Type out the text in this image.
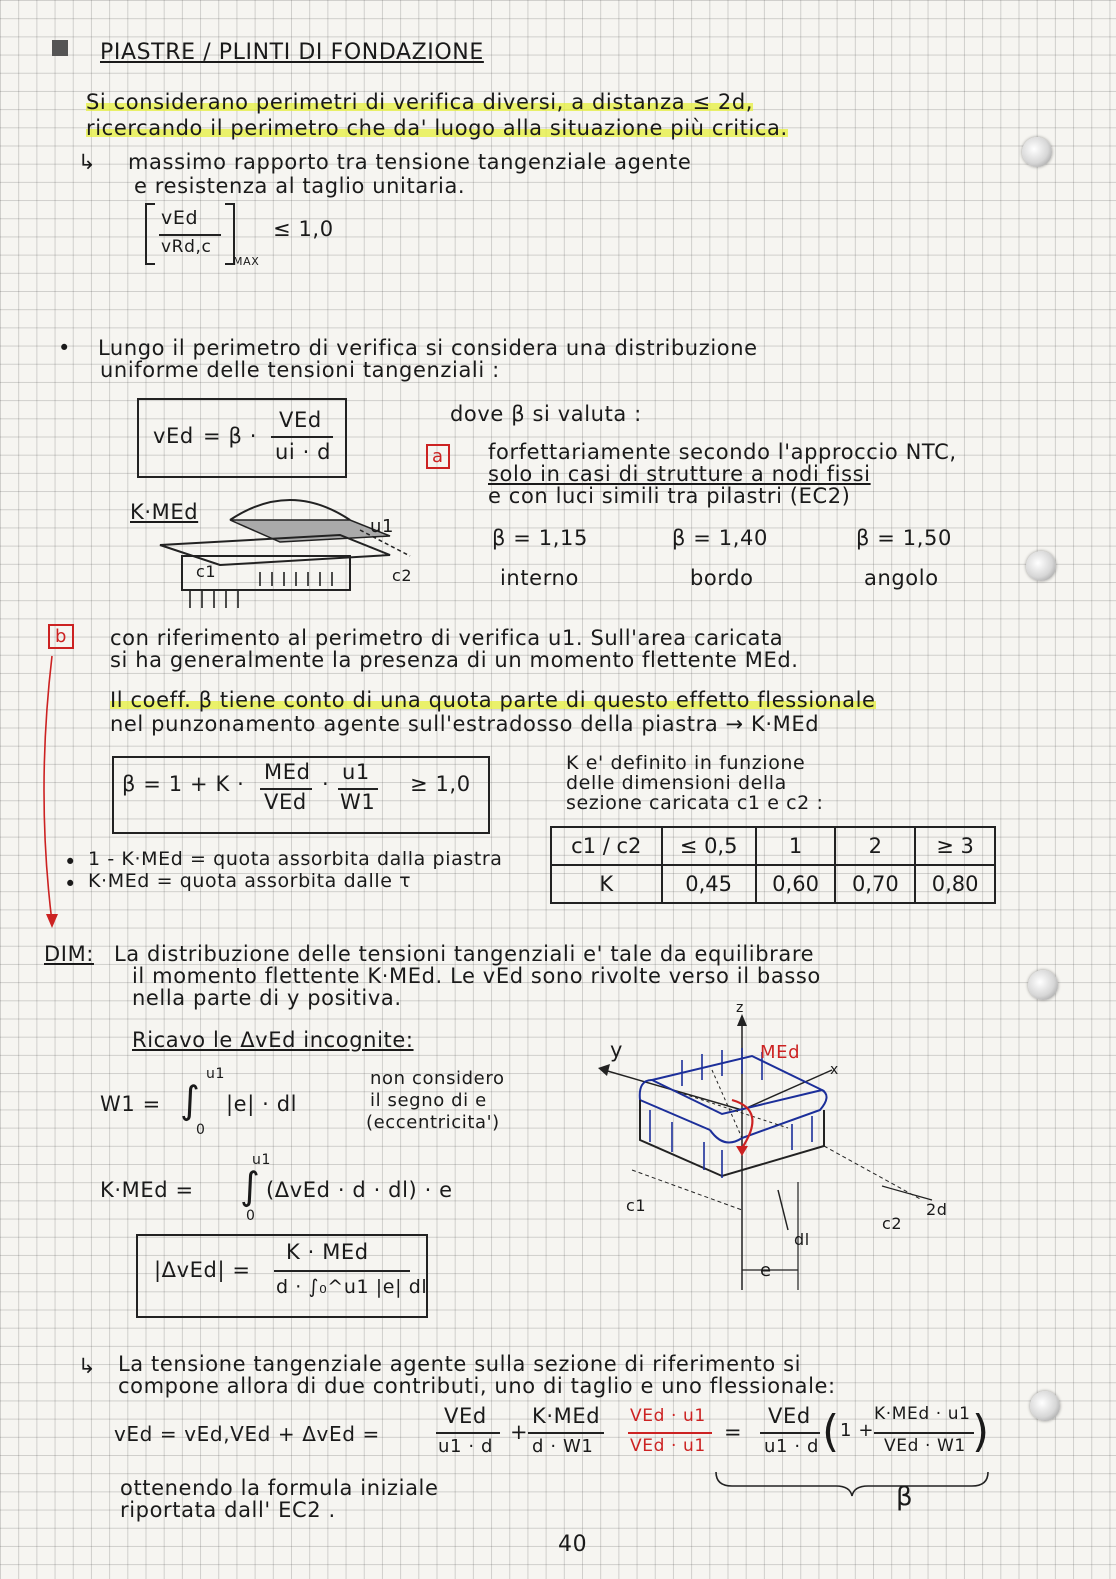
PIASTRE / PLINTI DI FONDAZIONE
Si considerano perimetri di verifica diversi, a distanza ≤ 2d,
ricercando il perimetro che da' luogo alla situazione più critica.
↳ massimo rapporto tra tensione tangenziale agente
e resistenza al taglio unitaria.
vEd
vRd,c
MAX
≤ 1,0
• Lungo il perimetro di verifica si considera una distribuzione
uniforme delle tensioni tangenziali :
vEd = β ·
VEd
ui · d
dove β si valuta :
a forfettariamente secondo l'approccio NTC,
solo in casi di strutture a nodi fissi
e con luci simili tra pilastri (EC2)
β = 1,15	β = 1,40	β = 1,50
interno	bordo	angolo
K·MEd
u1
c1	c2
b	con riferimento al perimetro di verifica u1. Sull'area caricata
si ha generalmente la presenza di un momento flettente MEd.
Il coeff. β tiene conto di una quota parte di questo effetto flessionale
nel punzonamento agente sull'estradosso della piastra → K·MEd
β = 1 + K · MEd
VEd
· u1
W1
≥ 1,0
• 1 - K·MEd = quota assorbita dalla piastra
• K·MEd = quota assorbita dalle τ
K e' definito in funzione
delle dimensioni della
sezione caricata c1 e c2 :
c1 / c2	≤ 0,5	1	2	≥ 3
K	0,45	0,60	0,70	0,80
DIM: La distribuzione delle tensioni tangenziali e' tale da equilibrare
il momento flettente K·MEd. Le vEd sono rivolte verso il basso
nella parte di y positiva.
Ricavo le ΔvEd incognite:
W1 = ∫
u1
0
|e| · dl
non considero
il segno di e
(eccentricita')
K·MEd = ∫
u1
0
(ΔvEd · d · dl) · e
|ΔvEd| =
K · MEd
d · ∫₀^u1 |e| dl
z
y
x
MEd
c1
c2
2d
dl
e
↳ La tensione tangenziale agente sulla sezione di riferimento si
compone allora di due contributi, uno di taglio e uno flessionale:
vEd = vEd,VEd + ΔvEd =
VEd
u1 · d
+
K·MEd
d · W1
VEd · u1
VEd · u1
=
VEd
u1 · d ( 1 +
K·MEd · u1
VEd · W1 )
β
ottenendo la formula iniziale
riportata dall' EC2 .
40
